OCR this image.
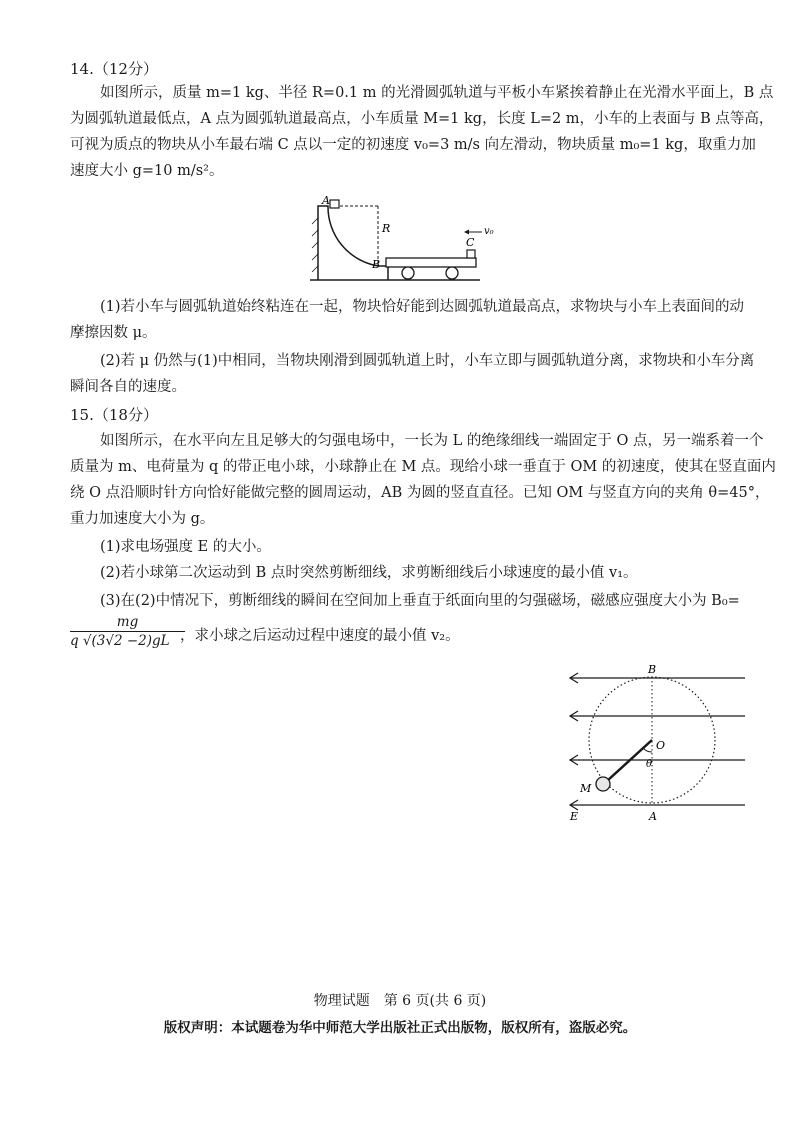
14.（12分）
如图所示，质量 m=1 kg、半径 R=0.1 m 的光滑圆弧轨道与平板小车紧挨着静止在光滑水平面上，B 点
为圆弧轨道最低点，A 点为圆弧轨道最高点，小车质量 M=1 kg，长度 L=2 m，小车的上表面与 B 点等高，
可视为质点的物块从小车最右端 C 点以一定的初速度 v₀=3 m/s 向左滑动，物块质量 m₀=1 kg，取重力加
速度大小 g=10 m/s²。
A
R
B
C
v₀
(1)若小车与圆弧轨道始终粘连在一起，物块恰好能到达圆弧轨道最高点，求物块与小车上表面间的动
摩擦因数 μ。
(2)若 μ 仍然与(1)中相同，当物块刚滑到圆弧轨道上时，小车立即与圆弧轨道分离，求物块和小车分离
瞬间各自的速度。
15.（18分）
如图所示，在水平向左且足够大的匀强电场中，一长为 L 的绝缘细线一端固定于 O 点，另一端系着一个
质量为 m、电荷量为 q 的带正电小球，小球静止在 M 点。现给小球一垂直于 OM 的初速度，使其在竖直面内
绕 O 点沿顺时针方向恰好能做完整的圆周运动，AB 为圆的竖直直径。已知 OM 与竖直方向的夹角 θ=45°，
重力加速度大小为 g。
(1)求电场强度 E 的大小。
(2)若小球第二次运动到 B 点时突然剪断细线，求剪断细线后小球速度的最小值 v₁。
(3)在(2)中情况下，剪断细线的瞬间在空间加上垂直于纸面向里的匀强磁场，磁感应强度大小为 B₀=
$\frac{mg}{q √(3√2 -2)gL}$
，求小球之后运动过程中速度的最小值 v₂。
B
O
θ
M
E	A
物理试题　第 6 页(共 6 页)
版权声明：本试题卷为华中师范大学出版社正式出版物，版权所有，盗版必究。
